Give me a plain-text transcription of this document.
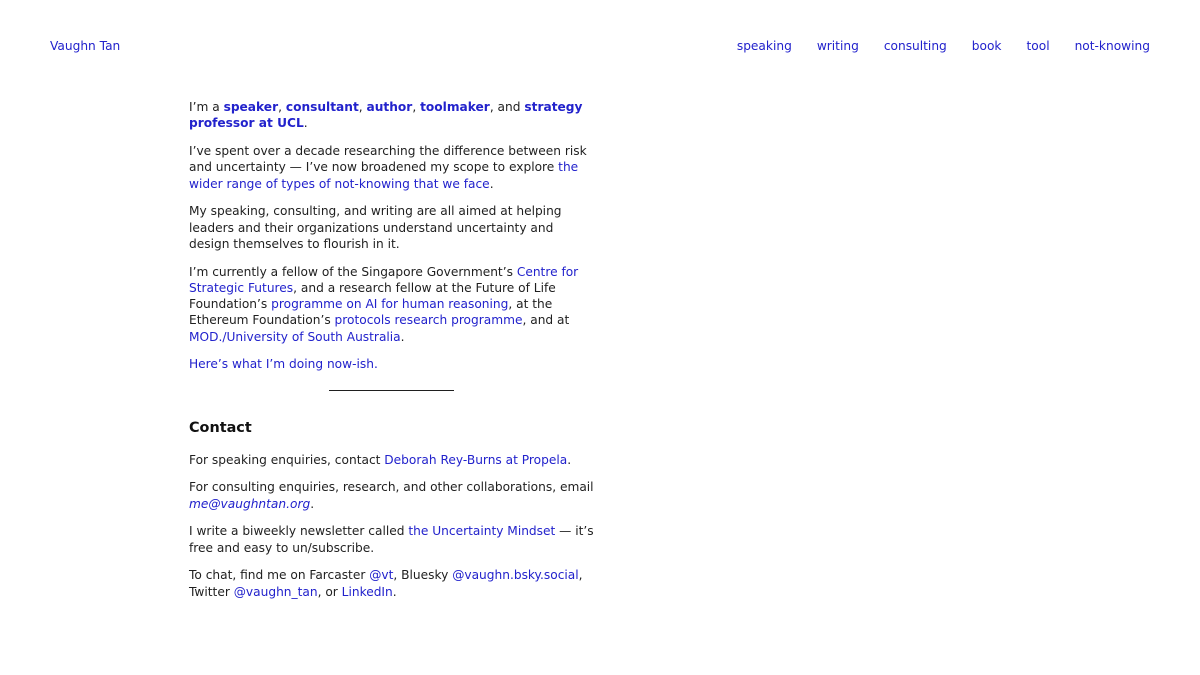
Vaughn Tan	speaking writing consulting book tool not-knowing

I’m a speaker, consultant, author, toolmaker, and strategy professor at UCL.

I’ve spent over a decade researching the difference between risk and uncertainty — I’ve now broadened my scope to explore the wider range of types of not-knowing that we face.

My speaking, consulting, and writing are all aimed at helping leaders and their organizations understand uncertainty and design themselves to flourish in it.

I’m currently a fellow of the Singapore Government’s Centre for Strategic Futures, and a research fellow at the Future of Life Foundation’s programme on AI for human reasoning, at the Ethereum Foundation’s protocols research programme, and at MOD./University of South Australia.

Here’s what I’m doing now-ish.

Contact

For speaking enquiries, contact Deborah Rey-Burns at Propela.

For consulting enquiries, research, and other collaborations, email me@vaughntan.org.

I write a biweekly newsletter called the Uncertainty Mindset — it’s free and easy to un/subscribe.

To chat, find me on Farcaster @vt, Bluesky @vaughn.bsky.social, Twitter @vaughn_tan, or LinkedIn.
